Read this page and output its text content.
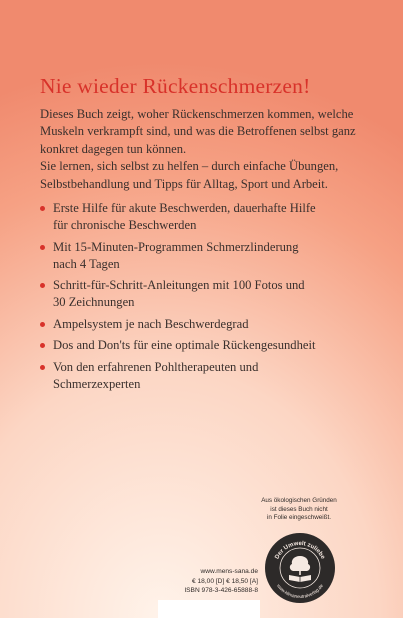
Nie wieder Rückenschmerzen!

Dieses Buch zeigt, woher Rückenschmerzen kommen, welche

Muskeln verkrampft sind, und was die Betroffenen selbst ganz

konkret dagegen tun können.

Sie lernen, sich selbst zu helfen – durch einfache Übungen,

Selbstbehandlung und Tipps für Alltag, Sport und Arbeit.

Erste Hilfe für akute Beschwerden, dauerhafte Hilfe
für chronische Beschwerden
Mit 15-Minuten-Programmen Schmerzlinderung
nach 4 Tagen
Schritt-für-Schritt-Anleitungen mit 100 Fotos und
30 Zeichnungen
Ampelsystem je nach Beschwerdegrad
Dos and Don'ts für eine optimale Rückengesundheit
Von den erfahrenen Pohltherapeuten und
Schmerzexperten
Aus ökologischen Gründen
ist dieses Buch nicht
in Folie eingeschweißt.
Der Umwelt zuliebe
www.klimaneutralverlag.de
www.mens-sana.de
€ 18,00 [D] € 18,50 [A]
ISBN 978-3-426-65888-8
